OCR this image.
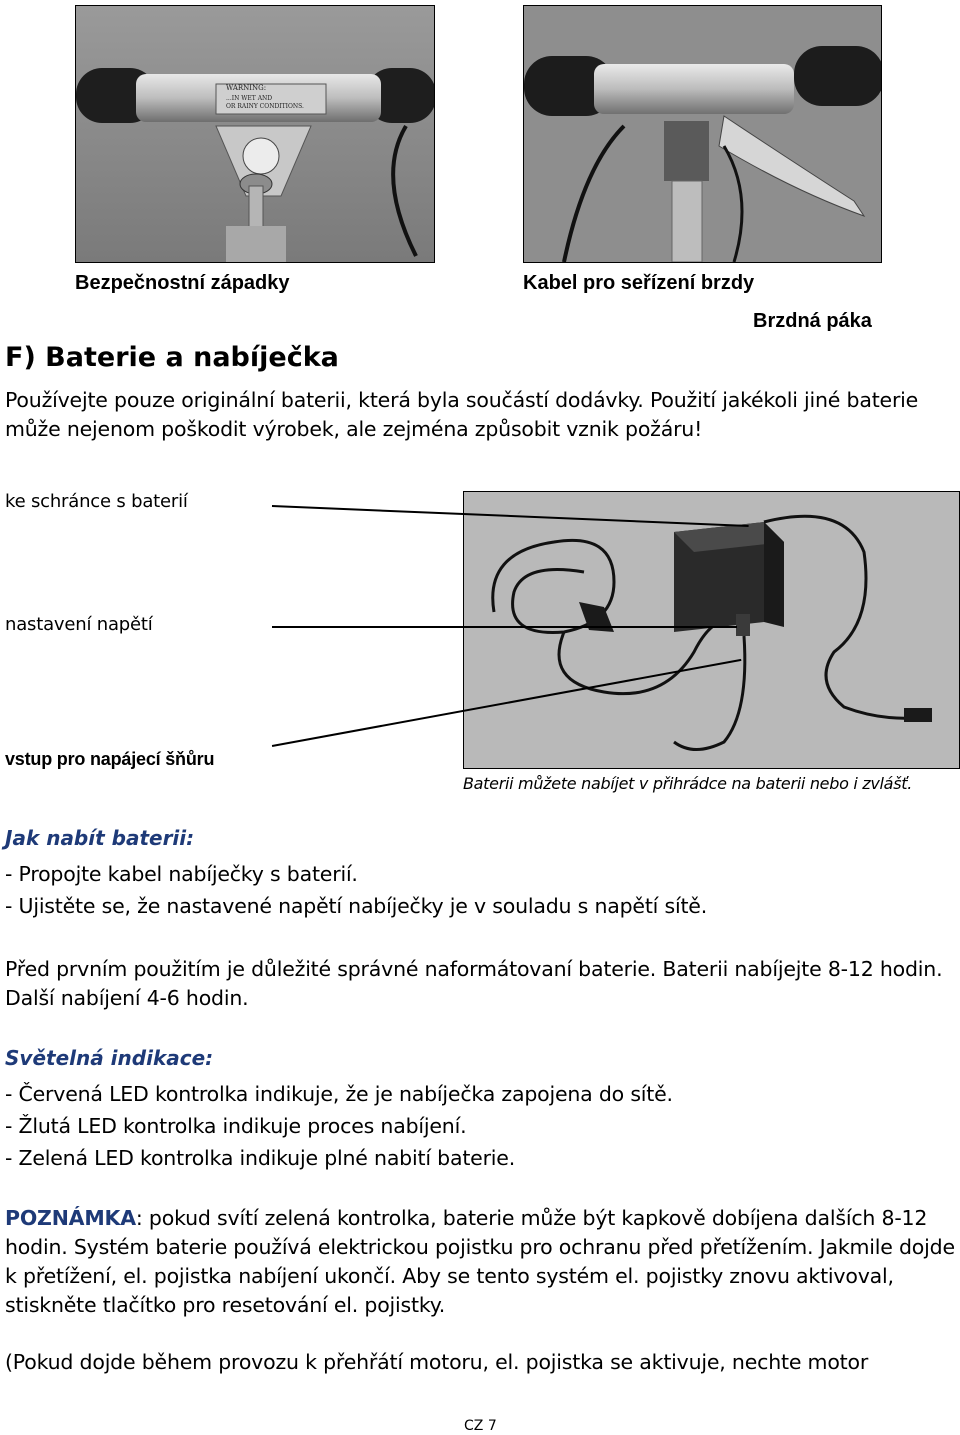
WARNING:
...IN WET AND
OR RAINY CONDITIONS.
Bezpečnostní západky	Kabel pro seřízení brzdy
Brzdná páka
F) Baterie a nabíječka
Používejte pouze originální baterii, která byla součástí dodávky. Použití jakékoli jiné baterie může nejenom poškodit výrobek, ale zejména způsobit vznik požáru!
ke schránce s baterií
nastavení napětí
vstup pro napájecí šňůru
Baterii můžete nabíjet v přihrádce na baterii nebo i zvlášť.
Jak nabít baterii:
- Propojte kabel nabíječky s baterií.
- Ujistěte se, že nastavené napětí nabíječky je v souladu s napětí sítě.
Před prvním použitím je důležité správné naformátovaní baterie. Baterii nabíjejte 8-12 hodin. Další nabíjení 4-6 hodin.
Světelná indikace:
- Červená LED kontrolka indikuje, že je nabíječka zapojena do sítě.
- Žlutá LED kontrolka indikuje proces nabíjení.
- Zelená LED kontrolka indikuje plné nabití baterie.
POZNÁMKA: pokud svítí zelená kontrolka, baterie může být kapkově dobíjena dalších 8-12 hodin. Systém baterie používá elektrickou pojistku pro ochranu před přetížením. Jakmile dojde k přetížení, el. pojistka nabíjení ukončí. Aby se tento systém el. pojistky znovu aktivoval, stiskněte tlačítko pro resetování el. pojistky.
(Pokud dojde během provozu k přehřátí motoru, el. pojistka se aktivuje, nechte motor
CZ 7
